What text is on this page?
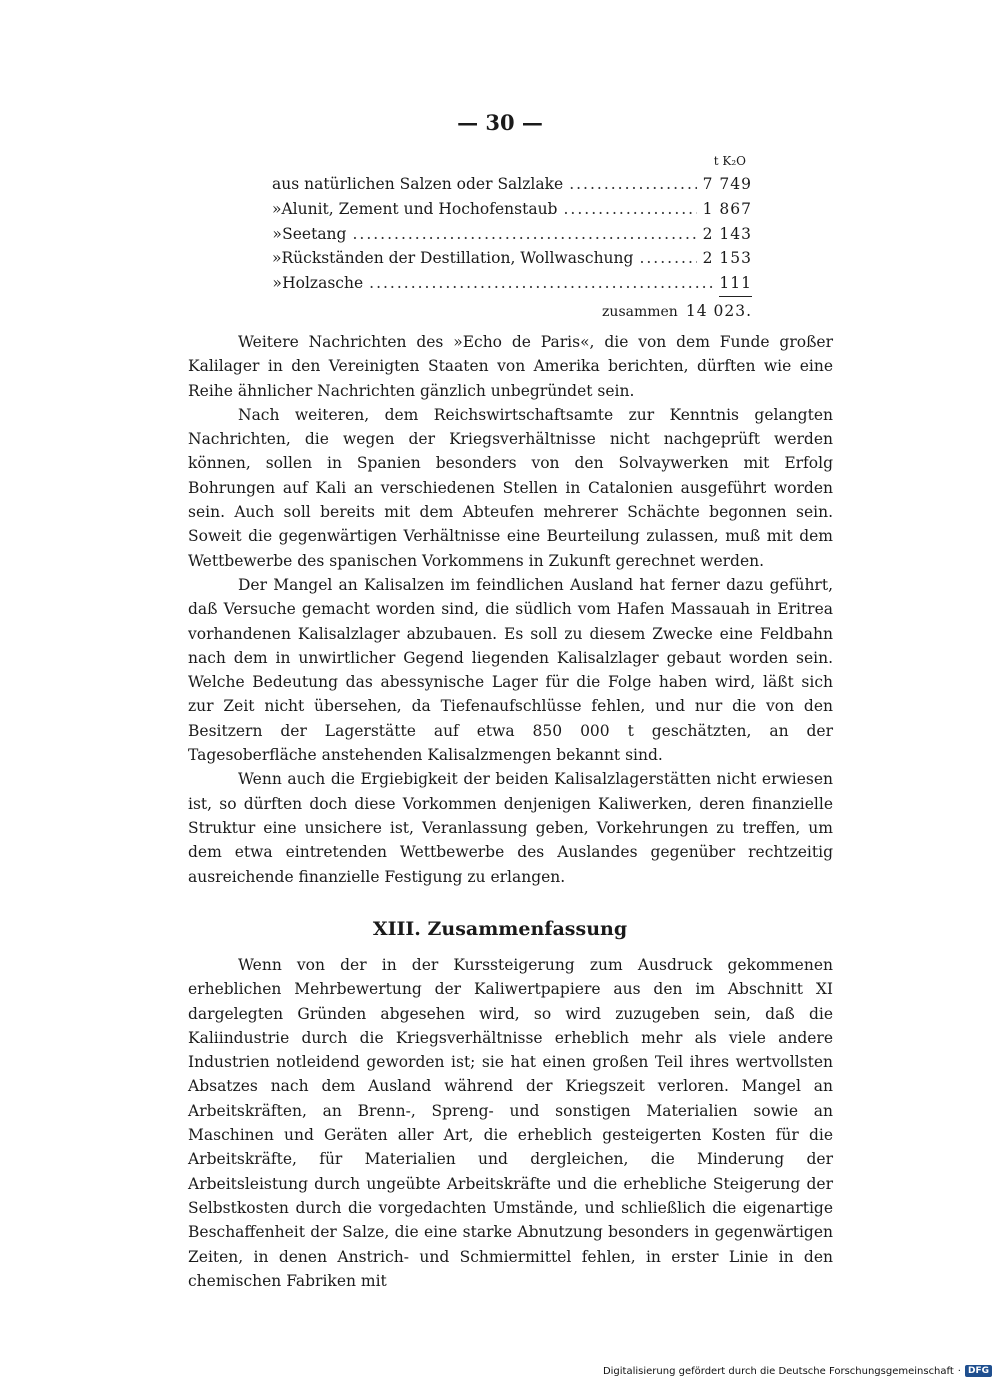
— 30 —
t K₂O
aus natürlichen Salzen oder Salzlake .....	7 749
» Alunit, Zement und Hochofenstaub .....	1 867
» Seetang .....	2 143
» Rückständen der Destillation, Wollwaschung .....	2 153
» Holzasche .....	111
zusammen 14 023.

Weitere Nachrichten des »Echo de Paris«, die von dem Funde großer Kalilager in den Vereinigten Staaten von Amerika berichten, dürften wie eine Reihe ähnlicher Nachrichten gänzlich unbegründet sein.

Nach weiteren, dem Reichswirtschaftsamte zur Kenntnis gelangten Nachrichten, die wegen der Kriegsverhältnisse nicht nachgeprüft werden können, sollen in Spanien besonders von den Solvaywerken mit Erfolg Bohrungen auf Kali an verschiedenen Stellen in Catalonien ausgeführt worden sein. Auch soll bereits mit dem Abteufen mehrerer Schächte begonnen sein. Soweit die gegenwärtigen Verhältnisse eine Beurteilung zulassen, muß mit dem Wettbewerbe des spanischen Vorkommens in Zukunft gerechnet werden.

Der Mangel an Kalisalzen im feindlichen Ausland hat ferner dazu geführt, daß Versuche gemacht worden sind, die südlich vom Hafen Massauah in Eritrea vorhandenen Kalisalzlager abzubauen. Es soll zu diesem Zwecke eine Feldbahn nach dem in unwirtlicher Gegend liegenden Kalisalzlager gebaut worden sein. Welche Bedeutung das abessynische Lager für die Folge haben wird, läßt sich zur Zeit nicht übersehen, da Tiefenaufschlüsse fehlen, und nur die von den Besitzern der Lagerstätte auf etwa 850 000 t geschätzten, an der Tagesoberfläche anstehenden Kalisalzmengen bekannt sind.

Wenn auch die Ergiebigkeit der beiden Kalisalzlagerstätten nicht erwiesen ist, so dürften doch diese Vorkommen denjenigen Kaliwerken, deren finanzielle Struktur eine unsichere ist, Veranlassung geben, Vorkehrungen zu treffen, um dem etwa eintretenden Wettbewerbe des Auslandes gegenüber rechtzeitig ausreichende finanzielle Festigung zu erlangen.

XIII. Zusammenfassung

Wenn von der in der Kurssteigerung zum Ausdruck gekommenen erheblichen Mehrbewertung der Kaliwertpapiere aus den im Abschnitt XI dargelegten Gründen abgesehen wird, so wird zuzugeben sein, daß die Kaliindustrie durch die Kriegsverhältnisse erheblich mehr als viele andere Industrien notleidend geworden ist; sie hat einen großen Teil ihres wertvollsten Absatzes nach dem Ausland während der Kriegszeit verloren. Mangel an Arbeitskräften, an Brenn-, Spreng- und sonstigen Materialien sowie an Maschinen und Geräten aller Art, die erheblich gesteigerten Kosten für die Arbeitskräfte, für Materialien und dergleichen, die Minderung der Arbeitsleistung durch ungeübte Arbeitskräfte und die erhebliche Steigerung der Selbstkosten durch die vorgedachten Umstände, und schließlich die eigenartige Beschaffenheit der Salze, die eine starke Abnutzung besonders in gegenwärtigen Zeiten, in denen Anstrich- und Schmiermittel fehlen, in erster Linie in den chemischen Fabriken mit

Digitalisierung gefördert durch die Deutsche Forschungsgemeinschaft · DFG
